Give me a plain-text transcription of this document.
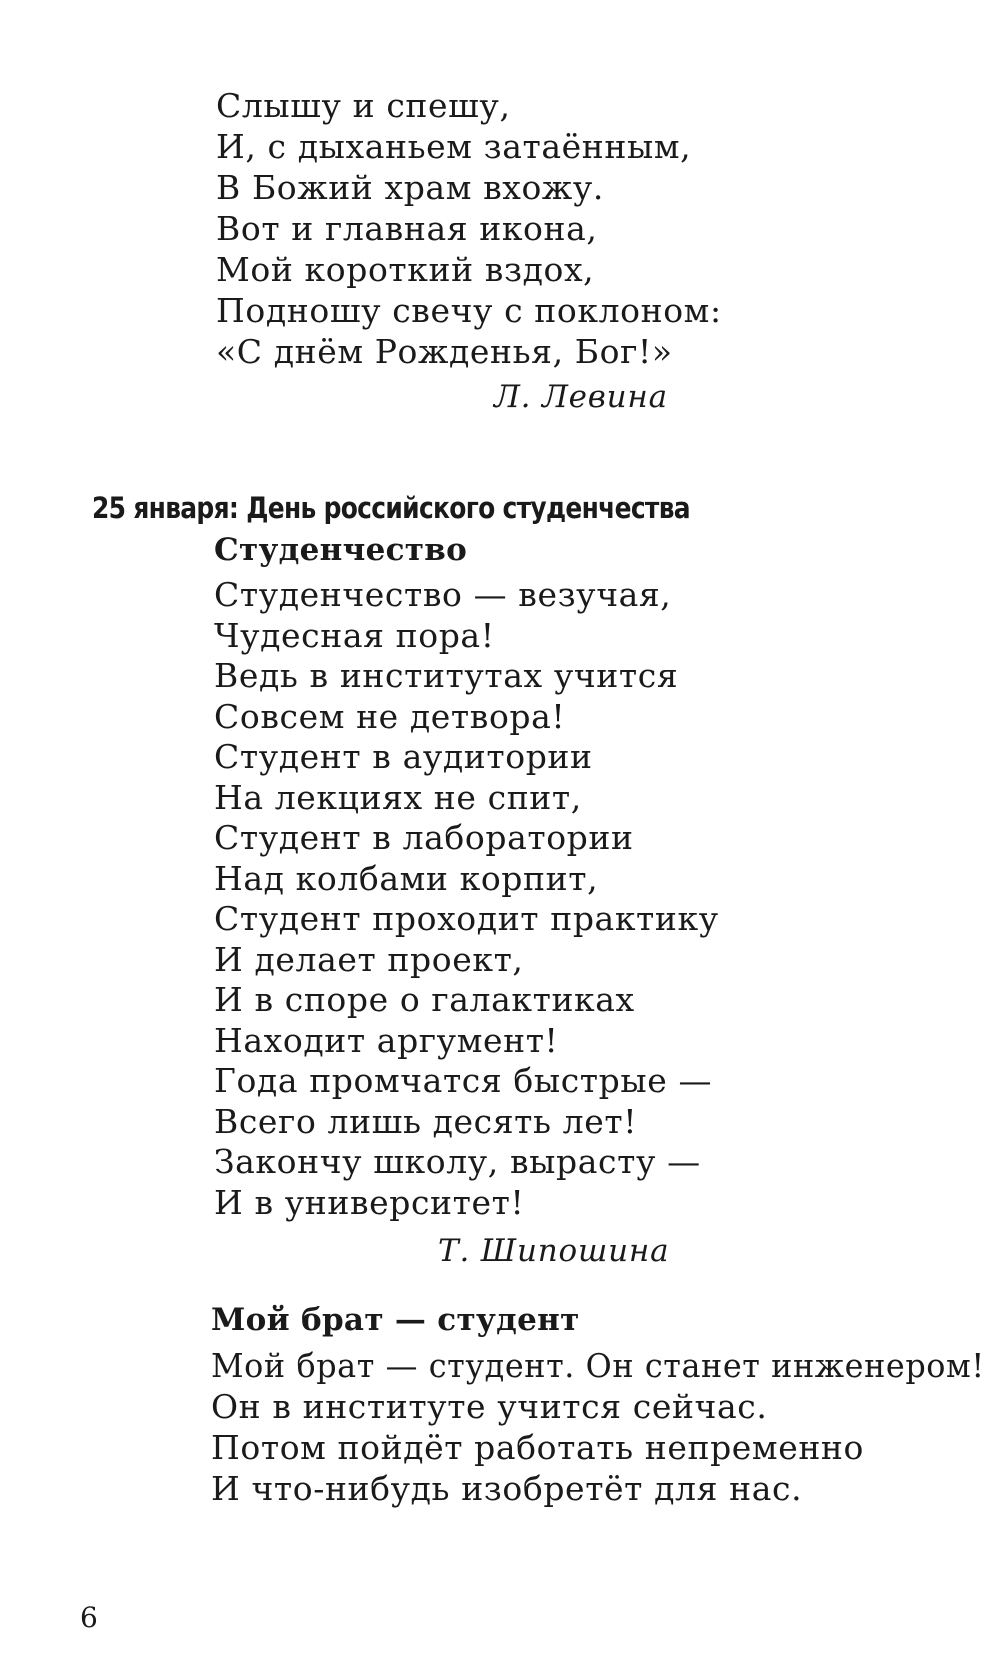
Слышу и спешу,
И, с дыханьем затаённым,
В Божий храм вхожу.
Вот и главная икона,
Мой короткий вздох,
Подношу свечу с поклоном:
«С днём Рожденья, Бог!»
Л. Левина
25 января: День российского студенчества
Студенчество
Студенчество — везучая,
Чудесная пора!
Ведь в институтах учится
Совсем не детвора!
Студент в аудитории
На лекциях не спит,
Студент в лаборатории
Над колбами корпит,
Студент проходит практику
И делает проект,
И в споре о галактиках
Находит аргумент!
Года промчатся быстрые —
Всего лишь десять лет!
Закончу школу, вырасту —
И в университет!
Т. Шипошина
Мой брат — студент
Мой брат — студент. Он станет инженером!
Он в институте учится сейчас.
Потом пойдёт работать непременно
И что-нибудь изобретёт для нас.
6
